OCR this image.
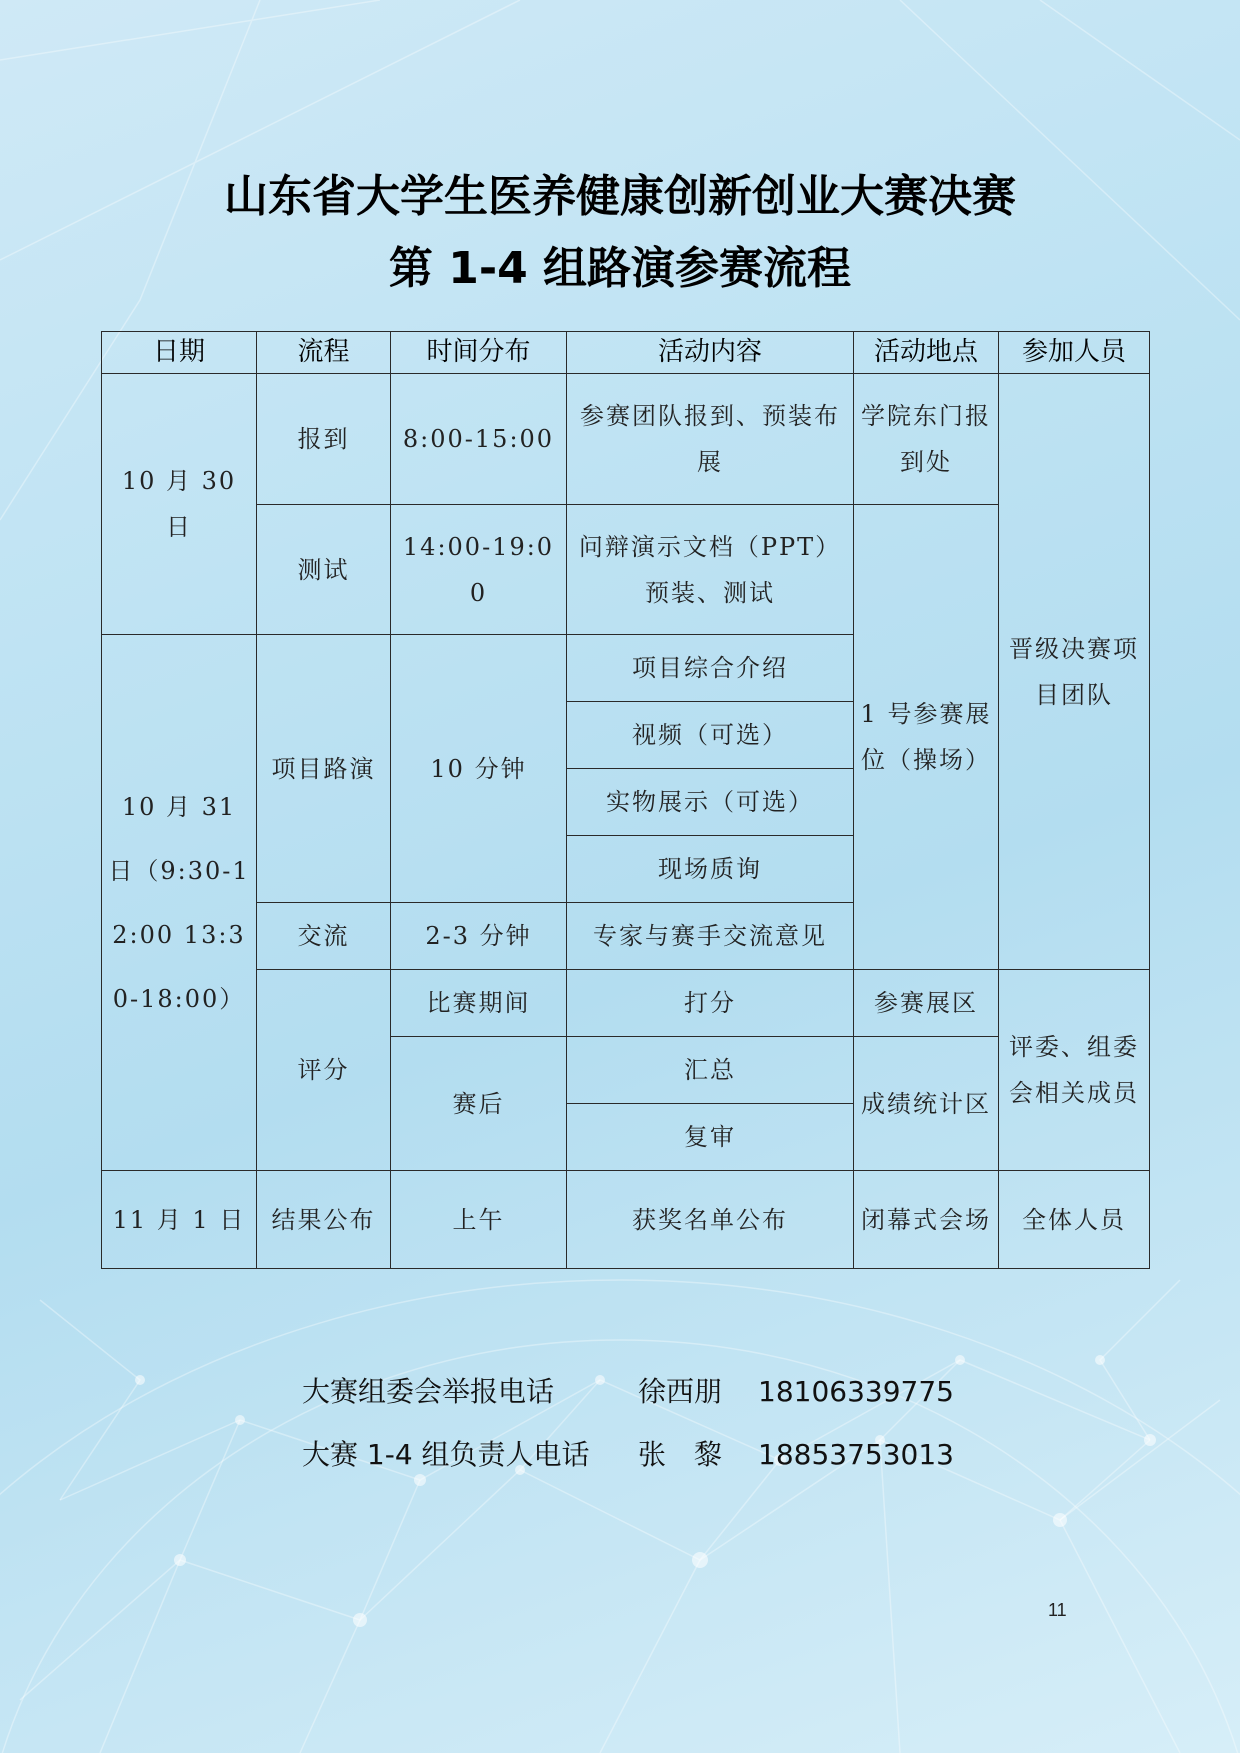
山东省大学生医养健康创新创业大赛决赛
第 1-4 组路演参赛流程
日期	流程	时间分布	活动内容	活动地点	参加人员
10 月 30 日	报到	8:00-15:00	参赛团队报到、预装布展	学院东门报到处	晋级决赛项目团队
	测试	14:00-19:00	问辩演示文档（PPT）预装、测试	1 号参赛展位（操场）	
10 月 31 日（9:30-12:00 13:30-18:00）	项目路演	10 分钟	项目综合介绍		
			视频（可选）		
			实物展示（可选）		
			现场质询		
	交流	2-3 分钟	专家与赛手交流意见		
	评分	比赛期间	打分	参赛展区	评委、组委会相关成员
		赛后	汇总	成绩统计区	
			复审		
11 月 1 日	结果公布	上午	获奖名单公布	闭幕式会场	全体人员
大赛组委会举报电话	徐西朋 18106339775
大赛 1-4 组负责人电话 张　黎 18853753013
11
